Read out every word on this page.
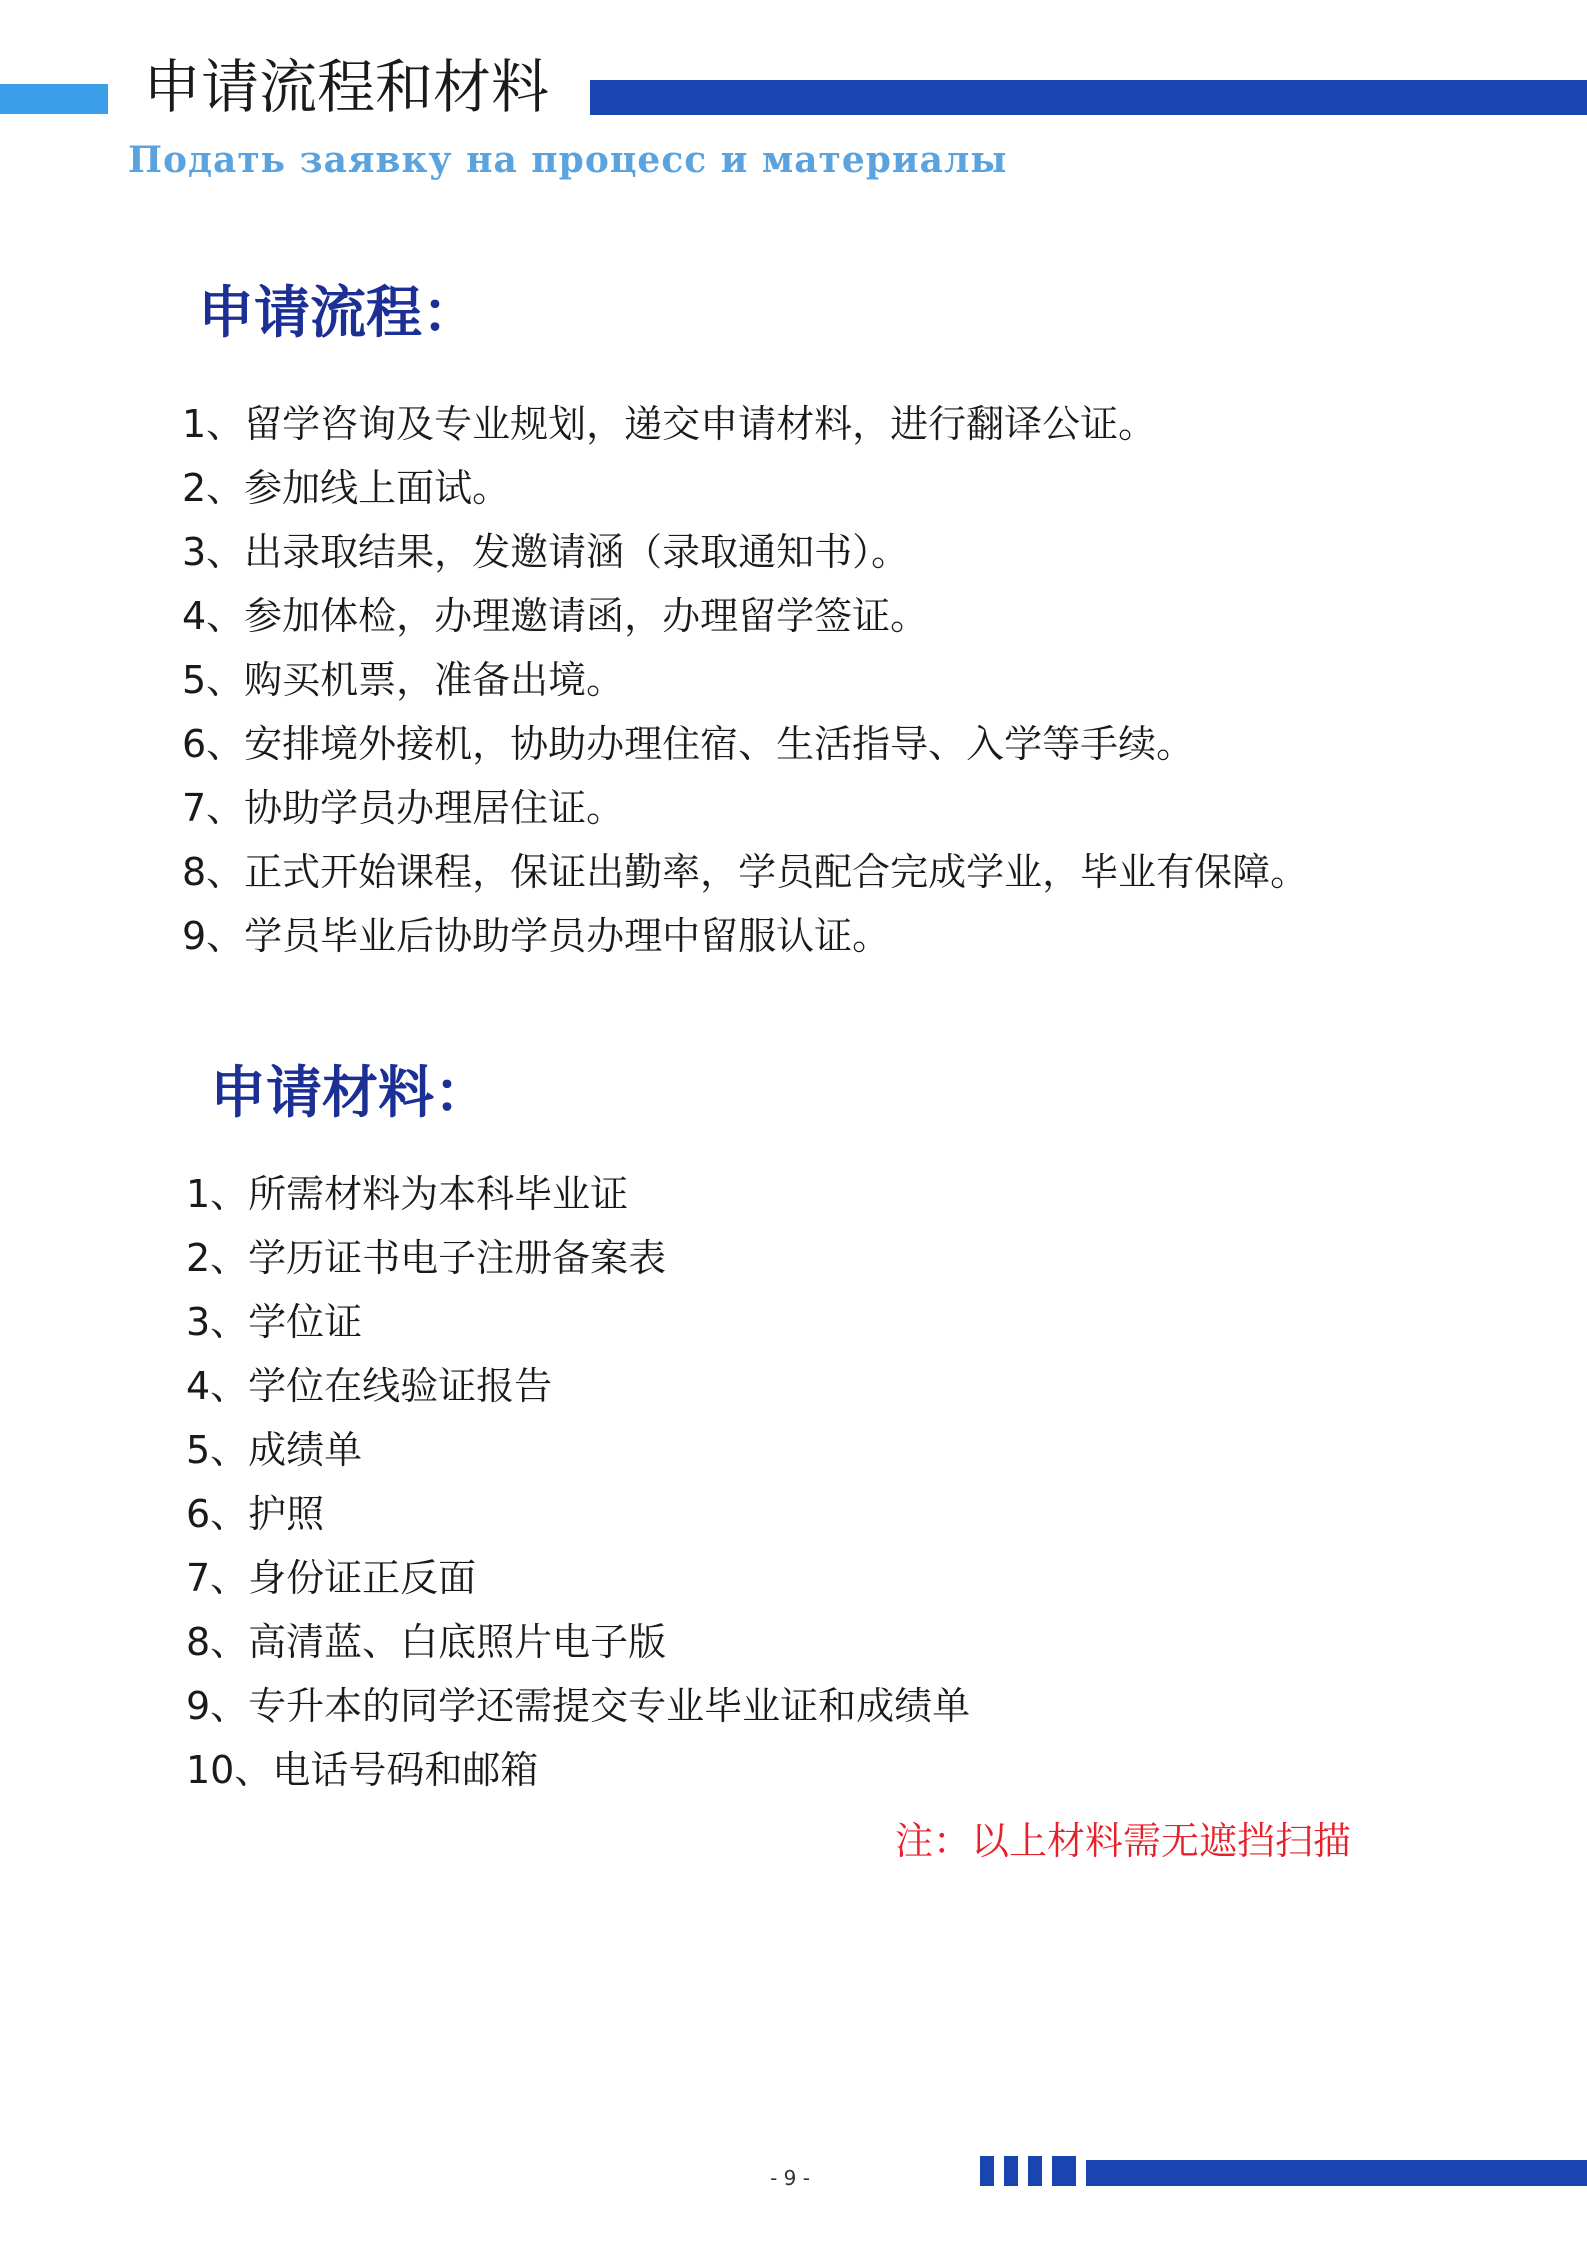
申请流程和材料
Подать заявку на процесс и материалы
申请流程：
1、留学咨询及专业规划，递交申请材料，进行翻译公证。
2、参加线上面试。
3、出录取结果，发邀请涵（录取通知书）。
4、参加体检，办理邀请函，办理留学签证。
5、购买机票，准备出境。
6、安排境外接机，协助办理住宿、生活指导、入学等手续。
7、协助学员办理居住证。
8、正式开始课程，保证出勤率，学员配合完成学业，毕业有保障。
9、学员毕业后协助学员办理中留服认证。
申请材料：
1、所需材料为本科毕业证
2、学历证书电子注册备案表
3、学位证
4、学位在线验证报告
5、成绩单
6、护照
7、身份证正反面
8、高清蓝、白底照片电子版
9、专升本的同学还需提交专业毕业证和成绩单
10、电话号码和邮箱
注：以上材料需无遮挡扫描
- 9 -
